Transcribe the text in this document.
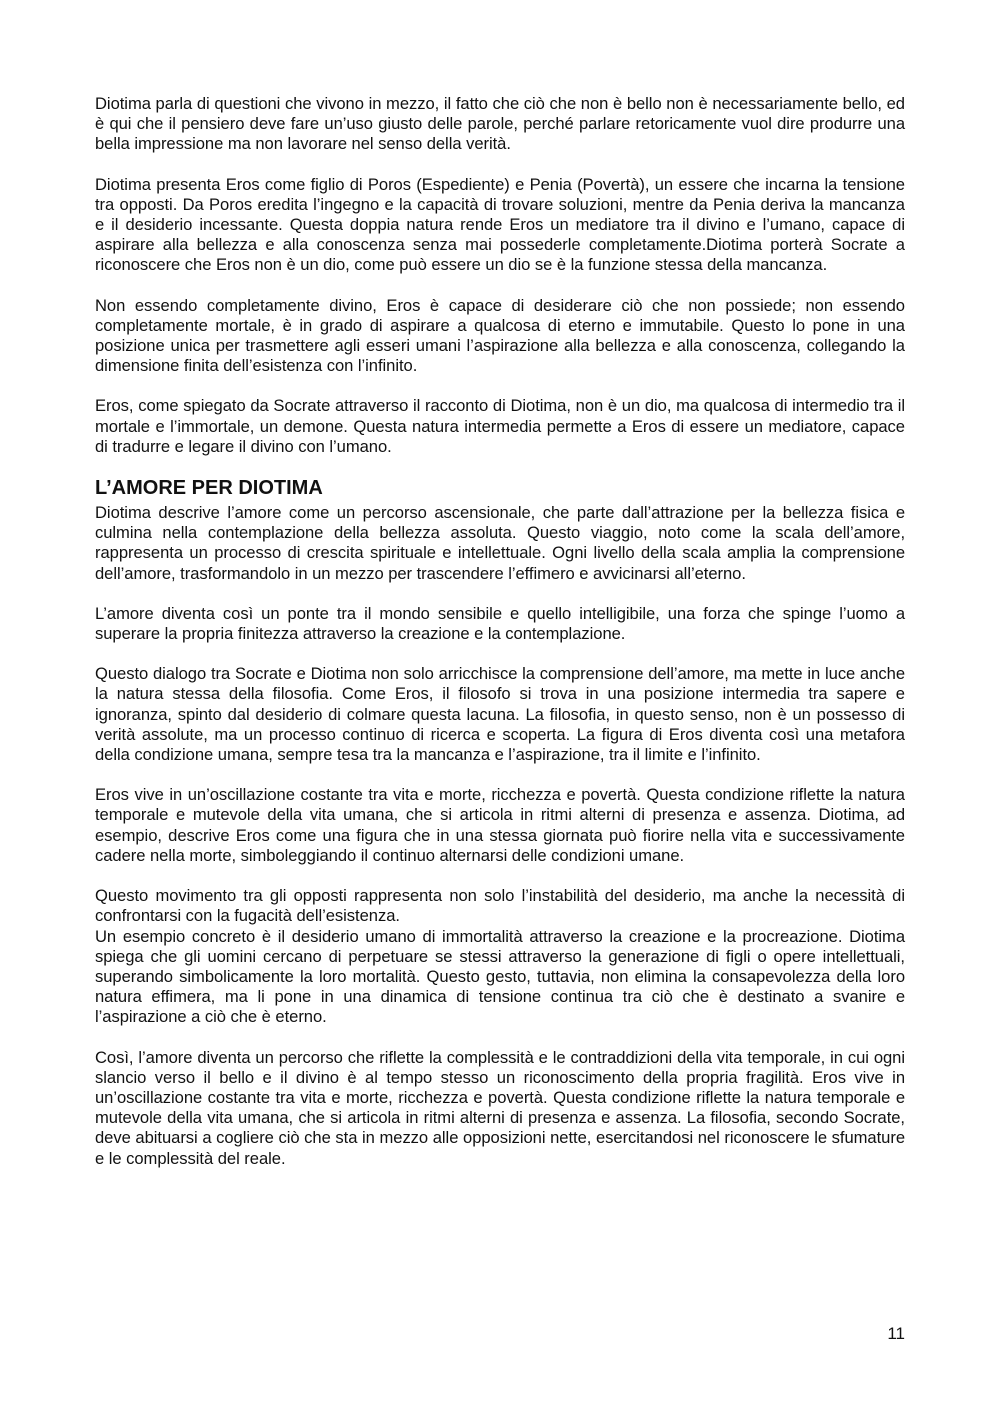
Diotima parla di questioni che vivono in mezzo, il fatto che ciò che non è bello non è necessariamente bello, ed è qui che il pensiero deve fare un’uso giusto delle parole, perché parlare retoricamente vuol dire produrre una bella impressione ma non lavorare nel senso della verità.

Diotima presenta Eros come figlio di Poros (Espediente) e Penia (Povertà), un essere che incarna la tensione tra opposti. Da Poros eredita l’ingegno e la capacità di trovare soluzioni, mentre da Penia deriva la mancanza e il desiderio incessante. Questa doppia natura rende Eros un mediatore tra il divino e l’umano, capace di aspirare alla bellezza e alla conoscenza senza mai possederle completamente.Diotima porterà Socrate a riconoscere che Eros non è un dio, come può essere un dio se è la funzione stessa della mancanza.

Non essendo completamente divino, Eros è capace di desiderare ciò che non possiede; non essendo completamente mortale, è in grado di aspirare a qualcosa di eterno e immutabile. Questo lo pone in una posizione unica per trasmettere agli esseri umani l’aspirazione alla bellezza e alla conoscenza, collegando la dimensione finita dell’esistenza con l’infinito.

Eros, come spiegato da Socrate attraverso il racconto di Diotima, non è un dio, ma qualcosa di intermedio tra il mortale e l’immortale, un demone. Questa natura intermedia permette a Eros di essere un mediatore, capace di tradurre e legare il divino con l’umano.

L’AMORE PER DIOTIMA

Diotima descrive l’amore come un percorso ascensionale, che parte dall’attrazione per la bellezza fisica e culmina nella contemplazione della bellezza assoluta. Questo viaggio, noto come la scala dell’amore, rappresenta un processo di crescita spirituale e intellettuale. Ogni livello della scala amplia la comprensione dell’amore, trasformandolo in un mezzo per trascendere l’effimero e avvicinarsi all’eterno.

L’amore diventa così un ponte tra il mondo sensibile e quello intelligibile, una forza che spinge l’uomo a superare la propria finitezza attraverso la creazione e la contemplazione.

Questo dialogo tra Socrate e Diotima non solo arricchisce la comprensione dell’amore, ma mette in luce anche la natura stessa della filosofia. Come Eros, il filosofo si trova in una posizione intermedia tra sapere e ignoranza, spinto dal desiderio di colmare questa lacuna. La filosofia, in questo senso, non è un possesso di verità assolute, ma un processo continuo di ricerca e scoperta. La figura di Eros diventa così una metafora della condizione umana, sempre tesa tra la mancanza e l’aspirazione, tra il limite e l’infinito.

Eros vive in un’oscillazione costante tra vita e morte, ricchezza e povertà. Questa condizione riflette la natura temporale e mutevole della vita umana, che si articola in ritmi alterni di presenza e assenza. Diotima, ad esempio, descrive Eros come una figura che in una stessa giornata può fiorire nella vita e successivamente cadere nella morte, simboleggiando il continuo alternarsi delle condizioni umane.

Questo movimento tra gli opposti rappresenta non solo l’instabilità del desiderio, ma anche la necessità di confrontarsi con la fugacità dell’esistenza.

Un esempio concreto è il desiderio umano di immortalità attraverso la creazione e la procreazione. Diotima spiega che gli uomini cercano di perpetuare se stessi attraverso la generazione di figli o opere intellettuali, superando simbolicamente la loro mortalità. Questo gesto, tuttavia, non elimina la consapevolezza della loro natura effimera, ma li pone in una dinamica di tensione continua tra ciò che è destinato a svanire e l’aspirazione a ciò che è eterno.

Così, l’amore diventa un percorso che riflette la complessità e le contraddizioni della vita temporale, in cui ogni slancio verso il bello e il divino è al tempo stesso un riconoscimento della propria fragilità. Eros vive in un’oscillazione costante tra vita e morte, ricchezza e povertà. Questa condizione riflette la natura temporale e mutevole della vita umana, che si articola in ritmi alterni di presenza e assenza. La filosofia, secondo Socrate, deve abituarsi a cogliere ciò che sta in mezzo alle opposizioni nette, esercitandosi nel riconoscere le sfumature e le complessità del reale.

11
